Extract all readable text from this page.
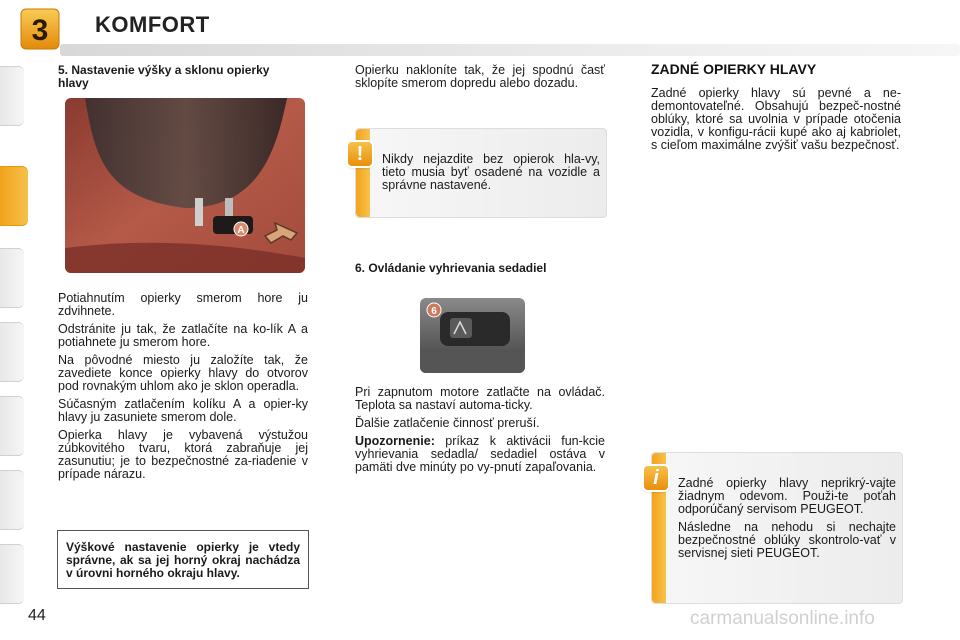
3 KOMFORT
5. Nastavenie výšky a sklonu opierky hlavy
A

Potiahnutím opierky smerom hore ju zdvihnete.

Odstránite ju tak, že zatlačíte na ko-lík A a potiahnete ju smerom hore.

Na pôvodné miesto ju založíte tak, že zavediete konce opierky hlavy do otvorov pod rovnakým uhlom ako je sklon operadla.

Súčasným zatlačením kolíku A a opier-ky hlavy ju zasuniete smerom dole.

Opierka hlavy je vybavená výstužou zúbkovitého tvaru, ktorá zabraňuje jej zasunutiu; je to bezpečnostné za-riadenie v prípade nárazu.

Výškové nastavenie opierky je vtedy správne, ak sa jej horný okraj nachádza v úrovni horného okraju hlavy.

Opierku nakloníte tak, že jej spodnú časť sklopíte smerom dopredu alebo dozadu.

Nikdy nejazdite bez opierok hla-vy, tieto musia byť osadené na vozidle a správne nastavené.

!
6. Ovládanie vyhrievania sedadiel
6

Pri zapnutom motore zatlačte na ovládač. Teplota sa nastaví automa-ticky.

Ďalšie zatlačenie činnosť preruší.

Upozornenie: príkaz k aktivácii fun-kcie vyhrievania sedadla/ sedadiel ostáva v pamäti dve minúty po vy-pnutí zapaľovania.

ZADNÉ OPIERKY HLAVY

Zadné opierky hlavy sú pevné a ne-demontovateľné. Obsahujú bezpeč-nostné oblúky, ktoré sa uvolnia v prípade otočenia vozidla, v konfigu-rácii kupé ako aj kabriolet, s cieľom maximálne zvýšiť vašu bezpečnosť.

Zadné opierky hlavy neprikrý-vajte žiadnym odevom. Použi-te poťah odporúčaný servisom PEUGEOT.

Následne na nehodu si nechajte bezpečnostné oblúky skontrolo-vať v servisnej sieti PEUGEOT.

i
44	carmanualsonline.info
